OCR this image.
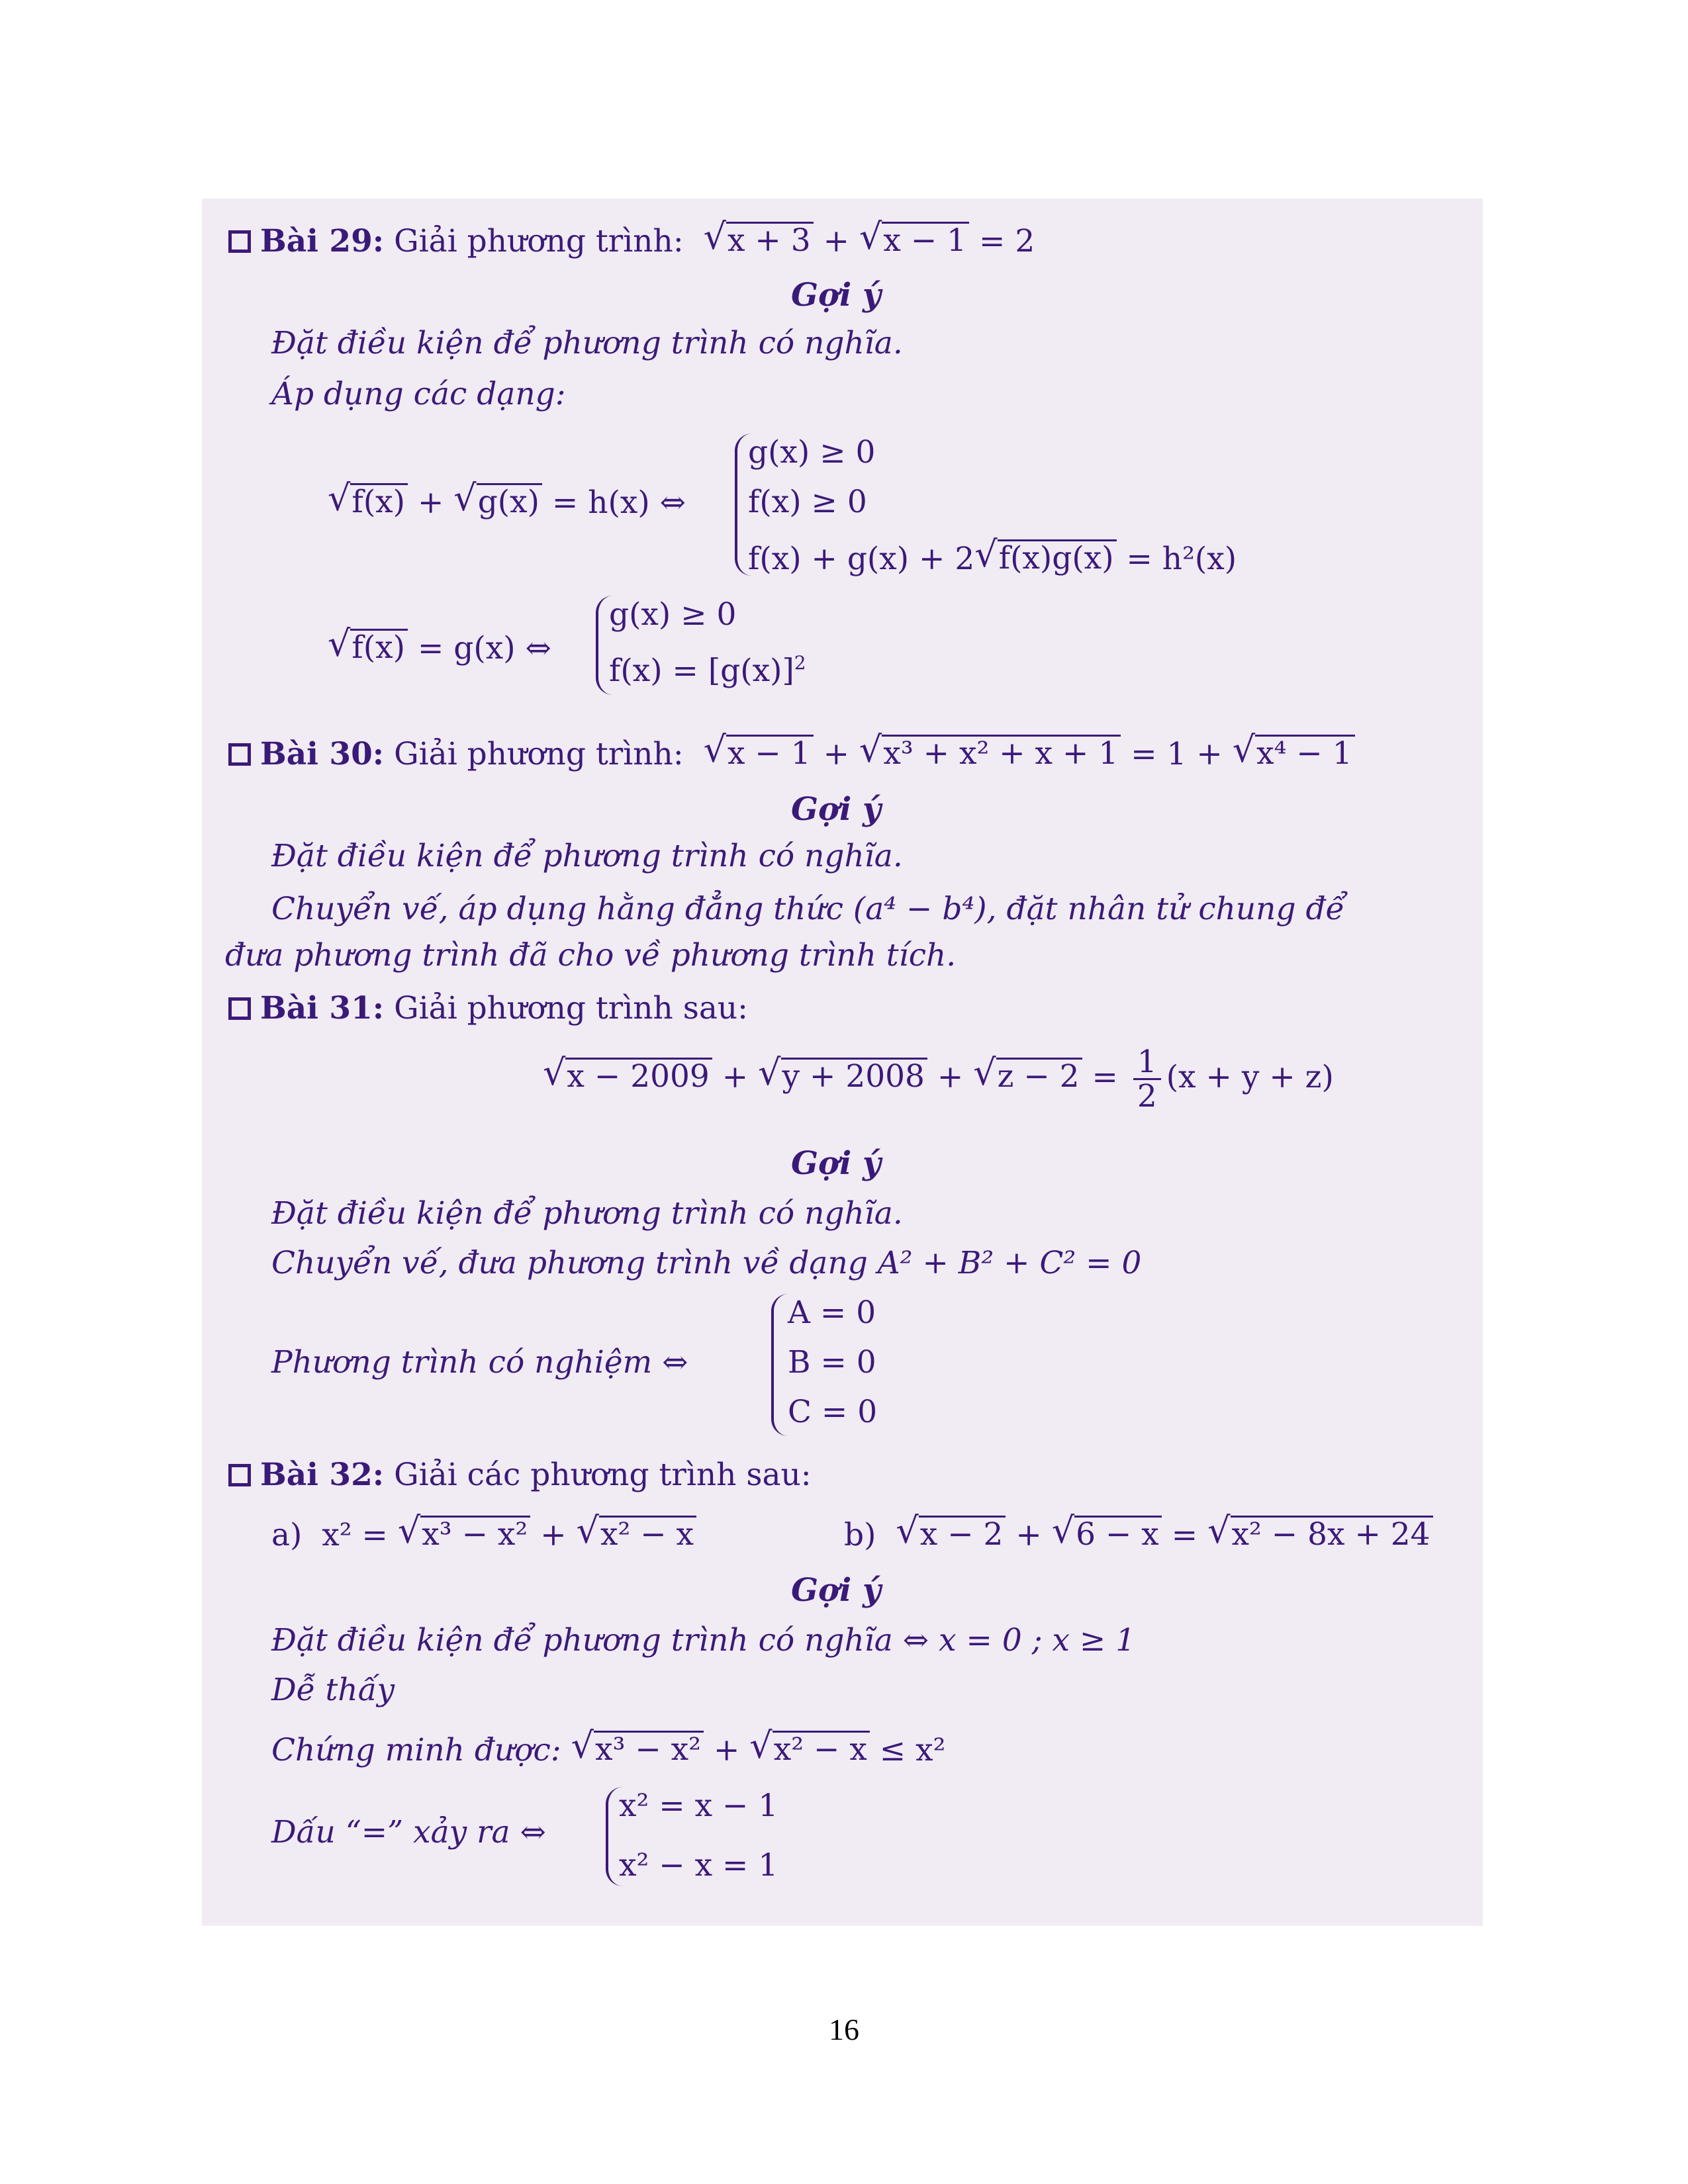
Bài 29: Giải phương trình: √ x + 3 + √ x − 1 = 2
Gợi ý
Đặt điều kiện để phương trình có nghĩa.
Áp dụng các dạng:
√ f(x) + √ g(x) = h(x) ⇔
g(x) ≥ 0
f(x) ≥ 0
f(x) + g(x) + 2 √ f(x)g(x) = h²(x)
√ f(x) = g(x) ⇔
g(x) ≥ 0
$f(x) = [g(x)]^2$
Bài 30: Giải phương trình: √ x − 1 + √ x³ + x² + x + 1 = 1 + √ x⁴ − 1
Gợi ý
Đặt điều kiện để phương trình có nghĩa.
Chuyển vế, áp dụng hằng đẳng thức (a⁴ − b⁴), đặt nhân tử chung để
đưa phương trình đã cho về phương trình tích.
Bài 31: Giải phương trình sau:
√ x − 2009 + √ y + 2008 + √ $z - 2 = \frac{1}{2} (x + y + z)$
Gợi ý
Đặt điều kiện để phương trình có nghĩa.
Chuyển vế, đưa phương trình về dạng A² + B² + C² = 0
Phương trình có nghiệm ⇔
A = 0
B = 0
C = 0
Bài 32: Giải các phương trình sau:
a) x² = √ x³ − x² + √ x² − x	b) √ x − 2 + √ 6 − x = √ x² − 8x + 24
Gợi ý
Đặt điều kiện để phương trình có nghĩa ⇔ x = 0 ; x ≥ 1
Dễ thấy
Chứng minh được: √ x³ − x² + √ x² − x ≤ x²
Dấu “=” xảy ra ⇔
x² = x − 1
x² − x = 1
16
